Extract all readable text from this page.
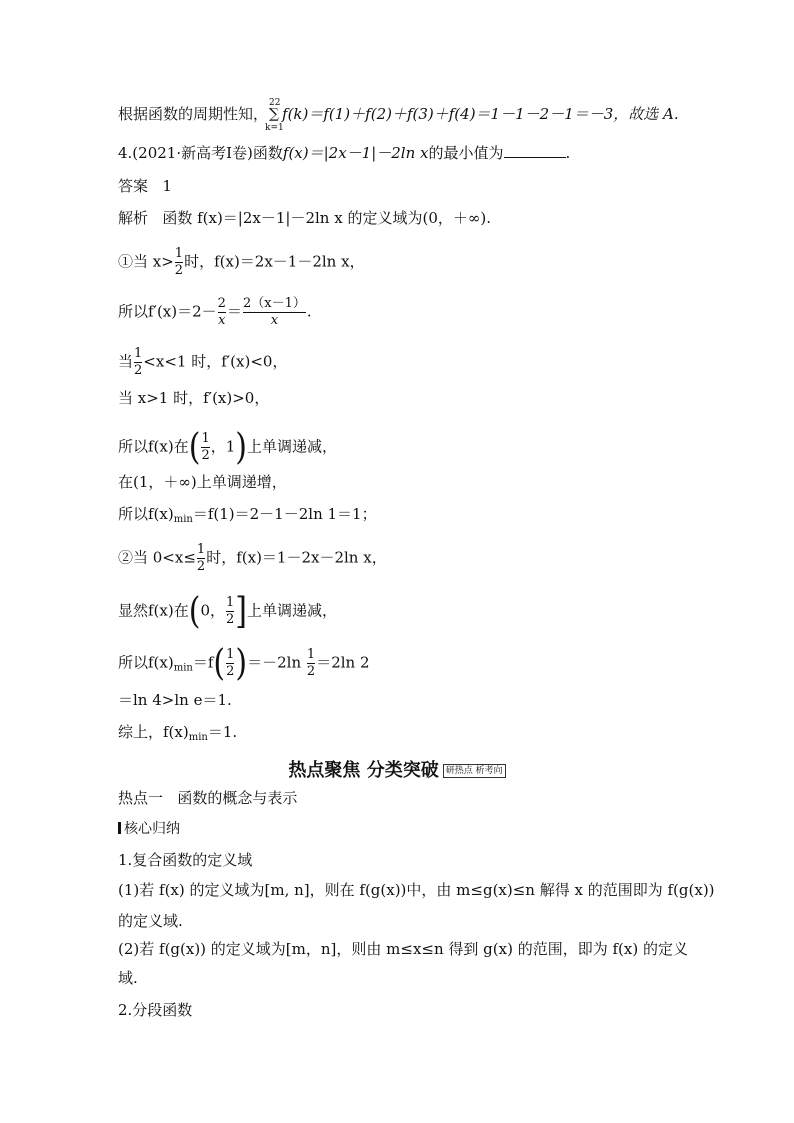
根据函数的周期性知，
22
∑
k=1
f(k)＝f(1)＋f(2)＋f(3)＋f(4)＝1－1－2－1＝－3，故选 A.
4.(2021·新高考Ⅰ卷)函数f(x)＝|2x－1|－2ln x的最小值为	.
答案 1
解析 函数 f(x)＝|2x－1|－2ln x 的定义域为(0，＋∞).
①当 $x> \frac{1}{2}$ 时，f(x)＝2x－1－2ln x，
所以$f'(x)=2- \frac{2}{x} = \frac{2(x-1)}{x}$ .
当 $\frac{1}{2} <x<1$ 时，f′(x)<0，
当 x>1 时，f′(x)>0，
所以f(x)在( $\frac{1}{2}$ ，1)上单调递减，
在(1，＋∞)上单调递增，
所以$f(x)_{min}=f(1)=2-1-2\ln$ 1＝1；
②当 $0<x\le \frac{1}{2}$ 时，f(x)＝1－2x－2ln x，
显然f(x)在(0， $\frac{1}{2}$ ]上单调递减，
所以$f(x)_{min}=f( \frac{1}{2} )=-2\ln \frac{1}{2} =2\ln$ 2
＝ln 4>ln e＝1.
综上，$f(x)_{min}=1$.
热点聚焦 分类突破 研热点 析考向
热点一 函数的概念与表示
核心归纳
1.复合函数的定义域
(1)若 f(x) 的定义域为[m, n]，则在 f(g(x))中，由 m≤g(x)≤n 解得 x 的范围即为 f(g(x))
的定义域.
(2)若 f(g(x)) 的定义域为[m，n]，则由 m≤x≤n 得到 g(x) 的范围，即为 f(x) 的定义
域.
2.分段函数
